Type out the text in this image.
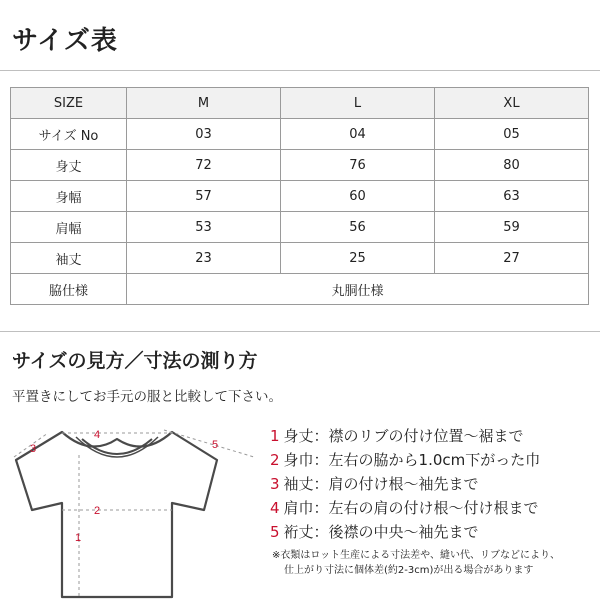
サイズ表
SIZE	M	L	XL
サイズ No	03	04	05
身丈	72	76	80
身幅	57	60	63
肩幅	53	56	59
袖丈	23	25	27
脇仕様	丸胴仕様		
サイズの見方／寸法の測り方
平置きにしてお手元の服と比較して下さい。
1
2
3
4
5	1 身丈：襟のリブの付け位置〜裾まで
2 身巾：左右の脇から1.0cm下がった巾
3 袖丈：肩の付け根〜袖先まで
4 肩巾：左右の肩の付け根〜付け根まで
5 裄丈：後襟の中央〜袖先まで
※衣類はロット生産による寸法差や、縫い代、リブなどにより、
仕上がり寸法に個体差(約2-3cm)が出る場合があります
